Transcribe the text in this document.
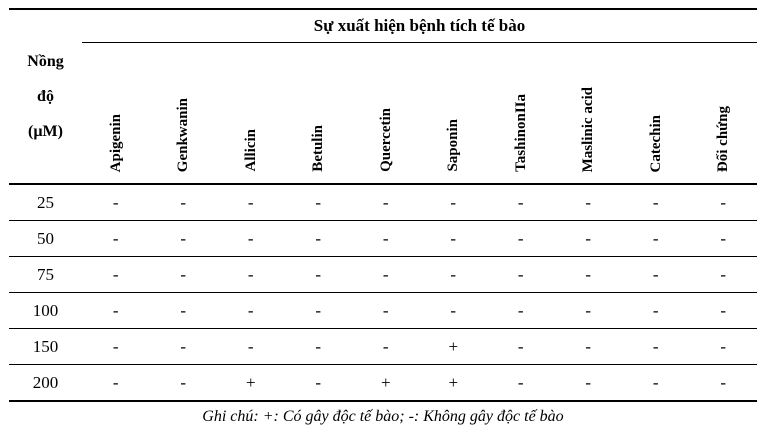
Nồng
độ
(µM)	Sự xuất hiện bệnh tích tế bào									
	Apigenin	Genkwanin	Allicin	Betulin	Quercetin	Saponin	TashinonIIa	Maslinic acid	Catechin	Đối chứng
25	-	-	-	-	-	-	-	-	-	-
50	-	-	-	-	-	-	-	-	-	-
75	-	-	-	-	-	-	-	-	-	-
100	-	-	-	-	-	-	-	-	-	-
150	-	-	-	-	-	+	-	-	-	-
200	-	-	+	-	+	+	-	-	-	-
Ghi chú: +: Có gây độc tế bào; -: Không gây độc tế bào
